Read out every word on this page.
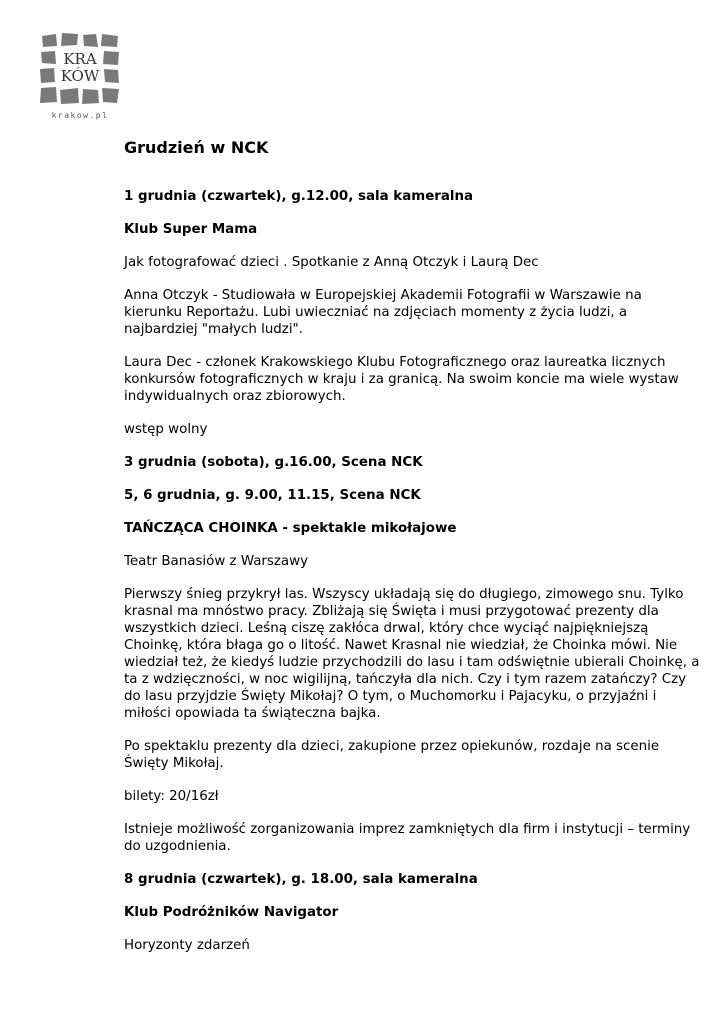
KRA
KÓW
krakow.pl
Grudzień w NCK
1 grudnia (czwartek), g.12.00, sala kameralna
Klub Super Mama
Jak fotografować dzieci . Spotkanie z Anną Otczyk i Laurą Dec
Anna Otczyk - Studiowała w Europejskiej Akademii Fotografii w Warszawie na kierunku Reportażu. Lubi uwieczniać na zdjęciach momenty z życia ludzi, a najbardziej "małych ludzi".
Laura Dec - członek Krakowskiego Klubu Fotograficznego oraz laureatka licznych konkursów fotograficznych w kraju i za granicą. Na swoim koncie ma wiele wystaw indywidualnych oraz zbiorowych.
wstęp wolny
3 grudnia (sobota), g.16.00, Scena NCK
5, 6 grudnia, g. 9.00, 11.15, Scena NCK
TAŃCZĄCA CHOINKA - spektakle mikołajowe
Teatr Banasiów z Warszawy
Pierwszy śnieg przykrył las. Wszyscy układają się do długiego, zimowego snu. Tylko krasnal ma mnóstwo pracy. Zbliżają się Święta i musi przygotować prezenty dla wszystkich dzieci. Leśną ciszę zakłóca drwal, który chce wyciąć najpiękniejszą Choinkę, która błaga go o litość. Nawet Krasnal nie wiedział, że Choinka mówi. Nie wiedział też, że kiedyś ludzie przychodzili do lasu i tam odświętnie ubierali Choinkę, a ta z wdzięczności, w noc wigilijną, tańczyła dla nich. Czy i tym razem zatańczy? Czy do lasu przyjdzie Święty Mikołaj? O tym, o Muchomorku i Pajacyku, o przyjaźni i miłości opowiada ta świąteczna bajka.
Po spektaklu prezenty dla dzieci, zakupione przez opiekunów, rozdaje na scenie Święty Mikołaj.
bilety: 20/16zł
Istnieje możliwość zorganizowania imprez zamkniętych dla firm i instytucji – terminy do uzgodnienia.
8 grudnia (czwartek), g. 18.00, sala kameralna
Klub Podróżników Navigator
Horyzonty zdarzeń
